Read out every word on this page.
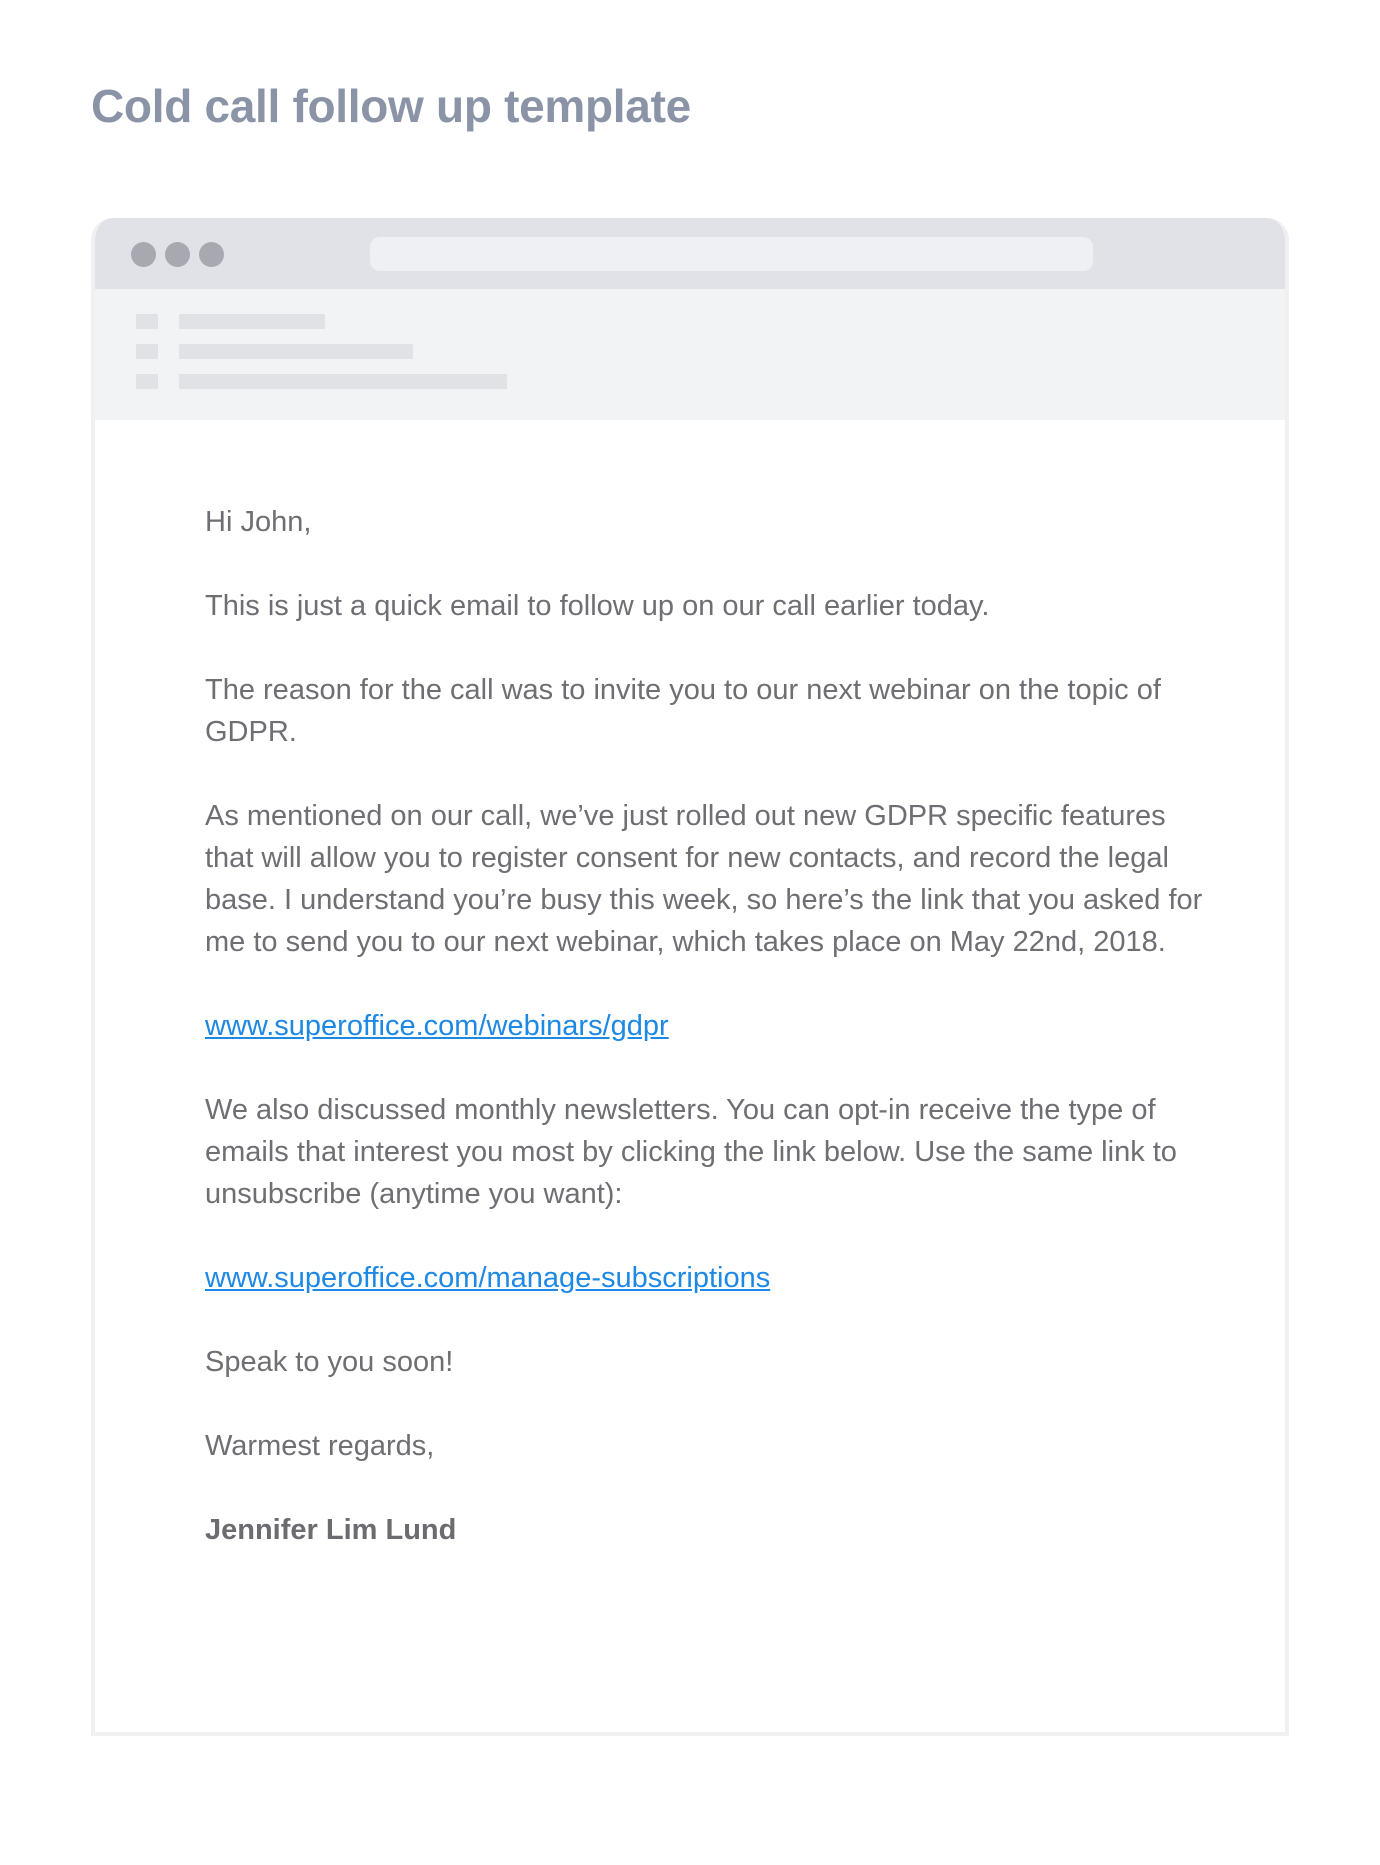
Cold call follow up template

Hi John,

This is just a quick email to follow up on our call earlier today.

The reason for the call was to invite you to our next webinar on the topic of GDPR.

As mentioned on our call, we’ve just rolled out new GDPR specific features that will allow you to register consent for new contacts, and record the legal base. I understand you’re busy this week, so here’s the link that you asked for me to send you to our next webinar, which takes place on May 22nd, 2018.

www.superoffice.com/webinars/gdpr

We also discussed monthly newsletters. You can opt-in receive the type of emails that interest you most by clicking the link below. Use the same link to unsubscribe (anytime you want):

www.superoffice.com/manage-subscriptions

Speak to you soon!

Warmest regards,

Jennifer Lim Lund
